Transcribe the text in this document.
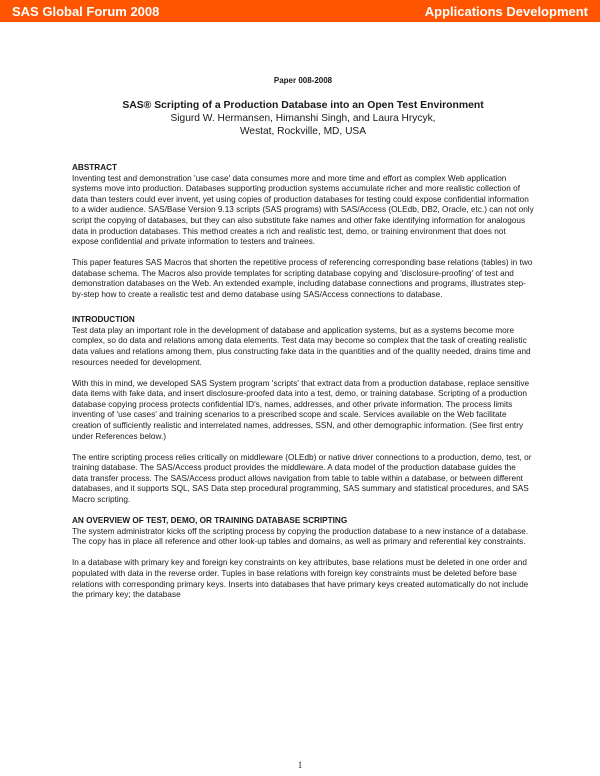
SAS Global Forum 2008	Applications Development

Paper 008-2008

SAS® Scripting of a Production Database into an Open Test Environment

Sigurd W. Hermansen, Himanshi Singh, and Laura Hrycyk,

Westat, Rockville, MD, USA

ABSTRACT

Inventing test and demonstration 'use case' data consumes more and more time and effort as complex Web application systems move into production. Databases supporting production systems accumulate richer and more realistic collection of data than testers could ever invent, yet using copies of production databases for testing could expose confidential information to a wider audience. SAS/Base Version 9.13 scripts (SAS programs) with SAS/Access (OLEdb, DB2, Oracle, etc.) can not only script the copying of databases, but they can also substitute fake names and other fake identifying information for analogous data in production databases. This method creates a rich and realistic test, demo, or training environment that does not expose confidential and private information to testers and trainees.

This paper features SAS Macros that shorten the repetitive process of referencing corresponding base relations (tables) in two database schema. The Macros also provide templates for scripting database copying and 'disclosure-proofing' of test and demonstration databases on the Web. An extended example, including database connections and programs, illustrates step-by-step how to create a realistic test and demo database using SAS/Access connections to database.

INTRODUCTION

Test data play an important role in the development of database and application systems, but as a systems become more complex, so do data and relations among data elements. Test data may become so complex that the task of creating realistic data values and relations among them, plus constructing fake data in the quantities and of the quality needed, drains time and resources needed for development.

With this in mind, we developed SAS System program 'scripts' that extract data from a production database, replace sensitive data items with fake data, and insert disclosure-proofed data into a test, demo, or training database. Scripting of a production database copying process protects confidential ID's, names, addresses, and other private information. The process limits inventing of 'use cases' and training scenarios to a prescribed scope and scale. Services available on the Web facilitate creation of sufficiently realistic and interrelated names, addresses, SSN, and other demographic information. (See first entry under References below.)

The entire scripting process relies critically on middleware (OLEdb) or native driver connections to a production, demo, test, or training database. The SAS/Access product provides the middleware. A data model of the production database guides the data transfer process. The SAS/Access product allows navigation from table to table within a database, or between different databases, and it supports SQL, SAS Data step procedural programming, SAS summary and statistical procedures, and SAS Macro scripting.

AN OVERVIEW OF TEST, DEMO, OR TRAINING DATABASE SCRIPTING

The system administrator kicks off the scripting process by copying the production database to a new instance of a database. The copy has in place all reference and other look-up tables and domains, as well as primary and referential key constraints.

In a database with primary key and foreign key constraints on key attributes, base relations must be deleted in one order and populated with data in the reverse order. Tuples in base relations with foreign key constraints must be deleted before base relations with corresponding primary keys. Inserts into databases that have primary keys created automatically do not include the primary key; the database

1
